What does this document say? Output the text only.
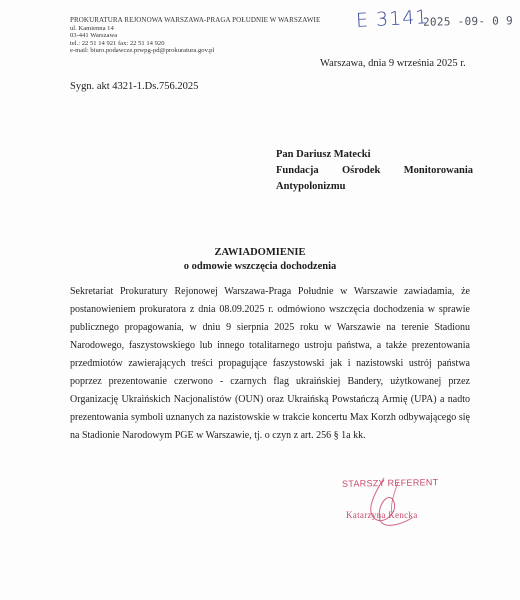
PROKURATURA REJONOWA WARSZAWA-PRAGA POŁUDNIE W WARSZAWIE
ul. Kamienna 14
03-441 Warszawa
tel.: 22 51 14 921 fax: 22 51 14 920
e-mail: biuro.podawcze.prwpg-pd@prokuratura.gov.pl
E 3141
2025 -09- 0 9
Warszawa, dnia 9 września 2025 r.
Sygn. akt 4321-1.Ds.756.2025
Pan Dariusz Matecki
Fundacja Ośrodek Monitorowania
Antypolonizmu
ZAWIADOMIENIE
o odmowie wszczęcia dochodzenia

Sekretariat Prokuratury Rejonowej Warszawa-Praga Południe w Warszawie zawiadamia, że postanowieniem prokuratora z dnia 08.09.2025 r. odmówiono wszczęcia dochodzenia w sprawie publicznego propagowania, w dniu 9 sierpnia 2025 roku w Warszawie na terenie Stadionu Narodowego, faszystowskiego lub innego totalitarnego ustroju państwa, a także prezentowania przedmiotów zawierających treści propagujące faszystowski jak i nazistowski ustrój państwa poprzez prezentowanie czerwono - czarnych flag ukraińskiej Bandery, użytkowanej przez Organizację Ukraińskich Nacjonalistów (OUN) oraz Ukraińską Powstańczą Armię (UPA) a nadto prezentowania symboli uznanych za nazistowskie w trakcie koncertu Max Korzh odbywającego się na Stadionie Narodowym PGE w Warszawie, tj. o czyn z art. 256 § 1a kk.

STARSZY REFERENT
Katarzyna Kencka
